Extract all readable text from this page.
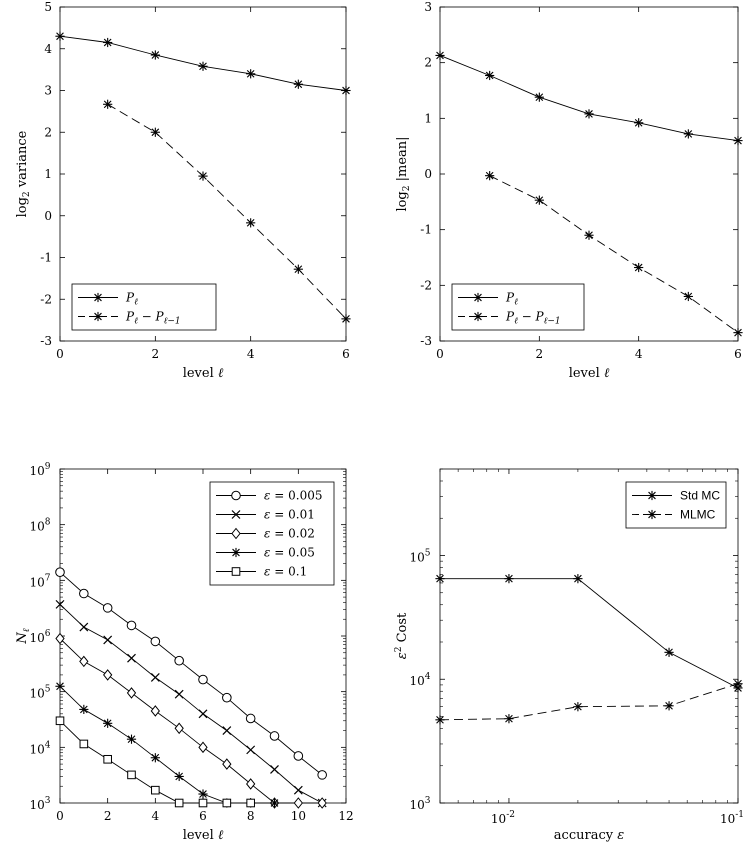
0	2	4	6
-3
-2
-1
0
1
2
3
4
5
level ℓ
$\log_2$ variance
$P_\ell$
$P_\ell - P_{\ell-1}$
0	2	4	6
-3
-2
-1
0
1
2
3
level ℓ
$\log_2$ |mean|
$P_\ell$
$P_\ell - P_{\ell-1}$
0	2	4	6	8	10	12
$10^3$
$10^4$
$10^5$
$10^6$
$10^7$
$10^8$
$10^9$
level ℓ
$N_\ell$
ε = 0.005
ε = 0.01
ε = 0.02
ε = 0.05
ε = 0.1
$10^{-2}$	$10^{-1}$
$10^3$
$10^4$
$10^5$
accuracy ε
$\varepsilon^2$ Cost
Std MC
MLMC
